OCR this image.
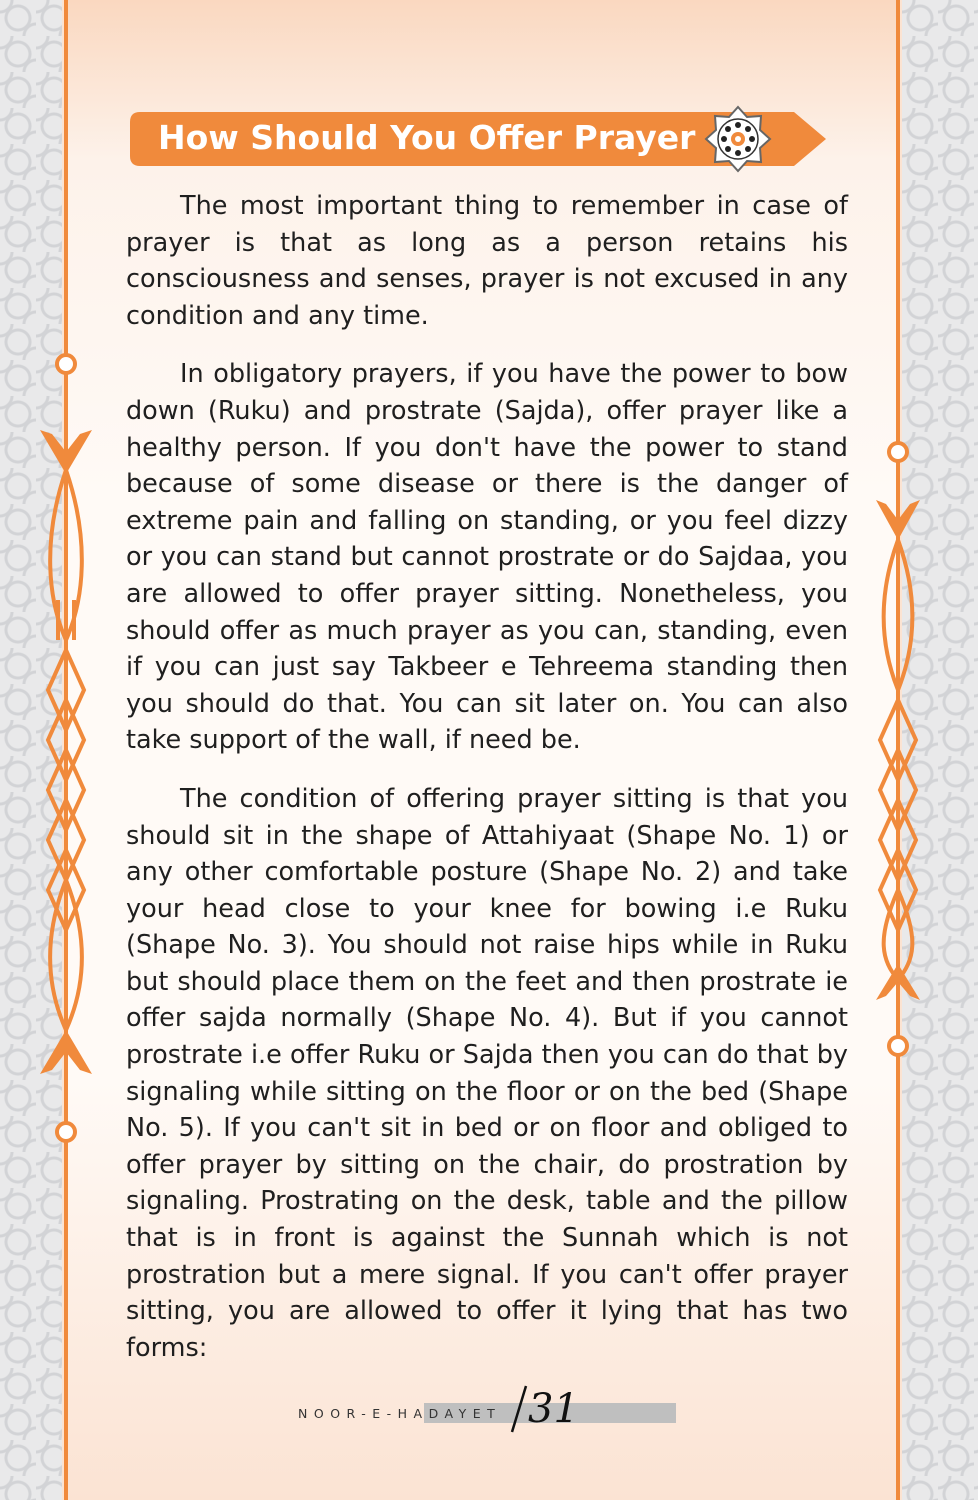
How Should You Offer Prayer

The most important thing to remember in case of prayer is that as long as a person retains his consciousness and senses, prayer is not excused in any condition and any time.

In obligatory prayers, if you have the power to bow down (Ruku) and prostrate (Sajda), offer prayer like a healthy person. If you don't have the power to stand because of some disease or there is the danger of extreme pain and falling on standing, or you feel dizzy or you can stand but cannot prostrate or do Sajdaa, you are allowed to offer prayer sitting. Nonetheless, you should offer as much prayer as you can, standing, even if you can just say Takbeer e Tehreema standing then you should do that. You can sit later on. You can also take support of the wall, if need be.

The condition of offering prayer sitting is that you should sit in the shape of Attahiyaat (Shape No. 1) or any other comfortable posture (Shape No. 2) and take your head close to your knee for bowing i.e Ruku (Shape No. 3). You should not raise hips while in Ruku but should place them on the feet and then prostrate ie offer sajda normally (Shape No. 4). But if you cannot prostrate i.e offer Ruku or Sajda then you can do that by signaling while sitting on the floor or on the bed (Shape No. 5). If you can't sit in bed or on floor and obliged to offer prayer by sitting on the chair, do prostration by signaling. Prostrating on the desk, table and the pillow that is in front is against the Sunnah which is not prostration but a mere signal. If you can't offer prayer sitting, you are allowed to offer it lying that has two forms:

NOOR-E-HADAYET 31
